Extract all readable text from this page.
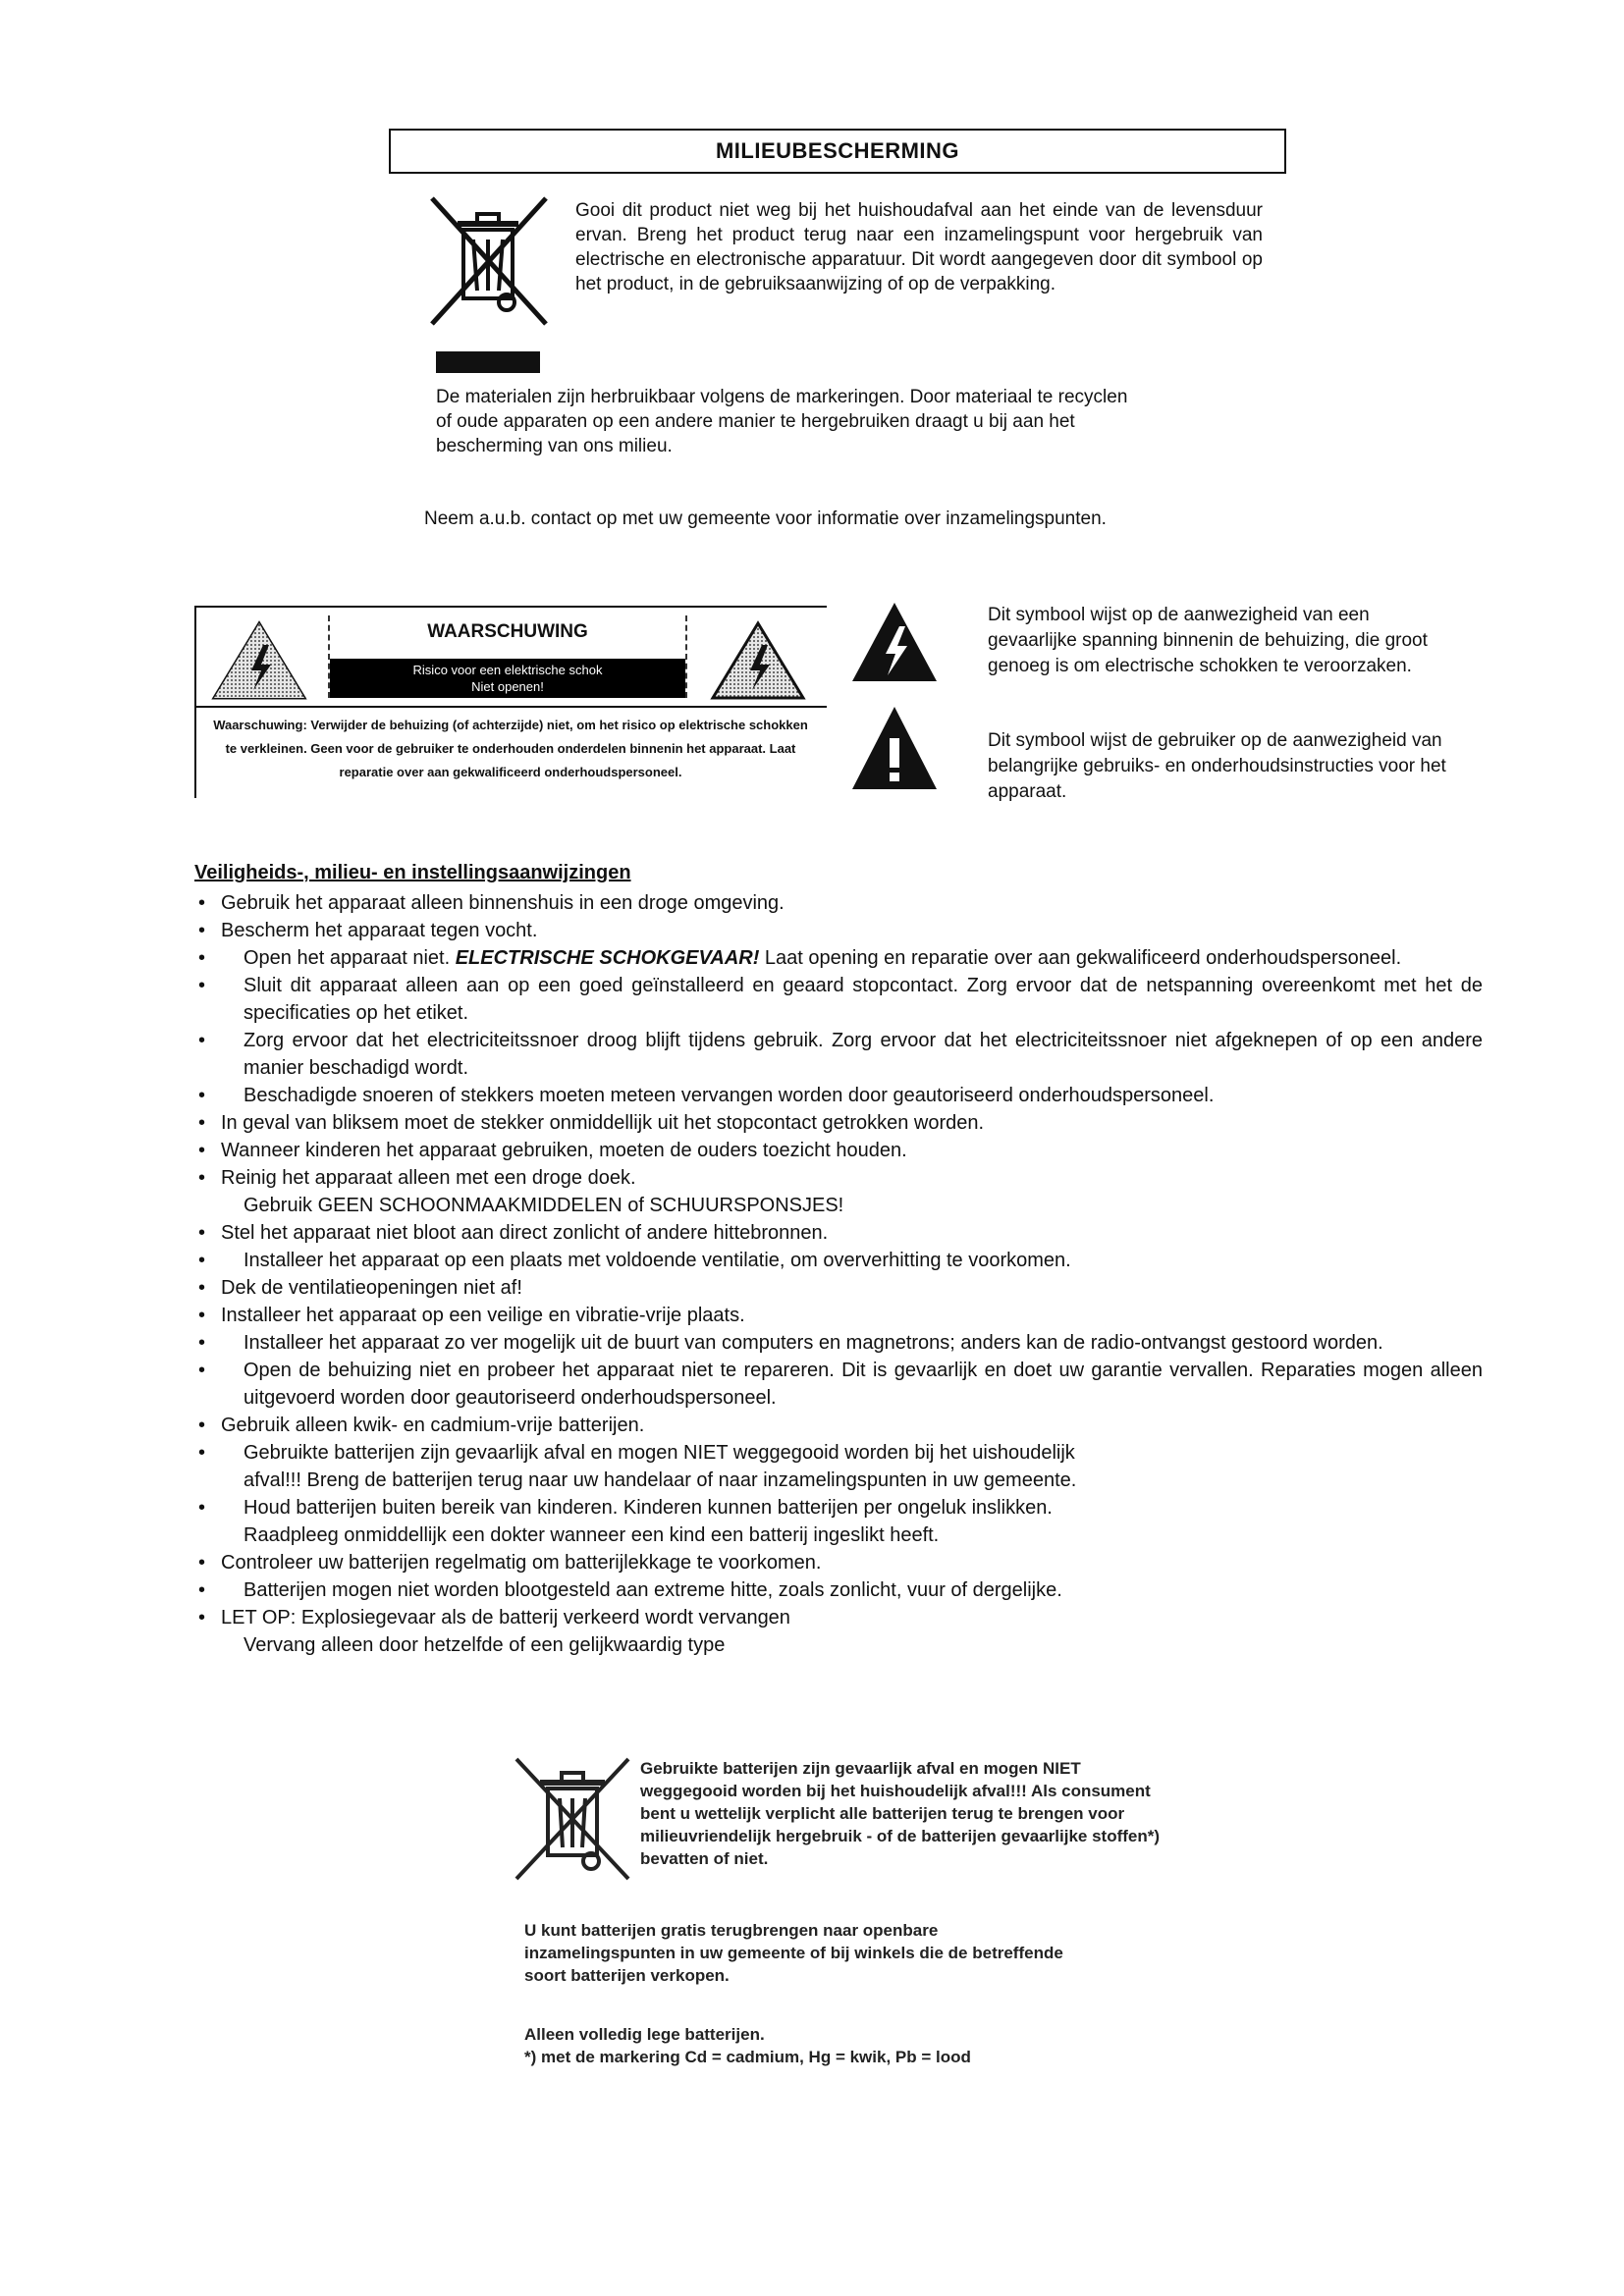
MILIEUBESCHERMING
Gooi dit product niet weg bij het huishoudafval aan het einde van de levensduur ervan. Breng het product terug naar een inzamelingspunt voor hergebruik van electrische en electronische apparatuur. Dit wordt aangegeven door dit symbool op het product, in de gebruiksaanwijzing of op de verpakking.
De materialen zijn herbruikbaar volgens de markeringen. Door materiaal te recyclen of oude apparaten op een andere manier te hergebruiken draagt u bij aan het bescherming van ons milieu.
Neem a.u.b. contact op met uw gemeente voor informatie over inzamelingspunten.
WAARSCHUWING
Risico voor een elektrische schok
Niet openen!
Waarschuwing: Verwijder de behuizing (of achterzijde) niet, om het risico op elektrische schokken te verkleinen. Geen voor de gebruiker te onderhouden onderdelen binnenin het apparaat. Laat reparatie over aan gekwalificeerd onderhoudspersoneel.
Dit symbool wijst op de aanwezigheid van een gevaarlijke spanning binnenin de behuizing, die groot genoeg is om electrische schokken te veroorzaken.
Dit symbool wijst de gebruiker op de aanwezigheid van belangrijke gebruiks- en onderhoudsinstructies voor het apparaat.
Veiligheids-, milieu- en instellingsaanwijzingen
• Gebruik het apparaat alleen binnenshuis in een droge omgeving.
• Bescherm het apparaat tegen vocht.
•	Open het apparaat niet. ELECTRISCHE SCHOKGEVAAR! Laat opening en reparatie over aan gekwalificeerd onderhoudspersoneel.
•	Sluit dit apparaat alleen aan op een goed geïnstalleerd en geaard stopcontact. Zorg ervoor dat de netspanning overeenkomt met het de specificaties op het etiket.
•	Zorg ervoor dat het electriciteitssnoer droog blijft tijdens gebruik. Zorg ervoor dat het electriciteitssnoer niet afgeknepen of op een andere manier beschadigd wordt.
•	Beschadigde snoeren of stekkers moeten meteen vervangen worden door geautoriseerd onderhoudspersoneel.
• In geval van bliksem moet de stekker onmiddellijk uit het stopcontact getrokken worden.
• Wanneer kinderen het apparaat gebruiken, moeten de ouders toezicht houden.
• Reinig het apparaat alleen met een droge doek.
Gebruik GEEN SCHOONMAAKMIDDELEN of SCHUURSPONSJES!
• Stel het apparaat niet bloot aan direct zonlicht of andere hittebronnen.
•	Installeer het apparaat op een plaats met voldoende ventilatie, om oververhitting te voorkomen.
• Dek de ventilatieopeningen niet af!
• Installeer het apparaat op een veilige en vibratie-vrije plaats.
•	Installeer het apparaat zo ver mogelijk uit de buurt van computers en magnetrons; anders kan de radio-ontvangst gestoord worden.
•	Open de behuizing niet en probeer het apparaat niet te repareren. Dit is gevaarlijk en doet uw garantie vervallen. Reparaties mogen alleen uitgevoerd worden door geautoriseerd onderhoudspersoneel.
• Gebruik alleen kwik- en cadmium-vrije batterijen.
•	Gebruikte batterijen zijn gevaarlijk afval en mogen NIET weggegooid worden bij het uishoudelijk
afval!!! Breng de batterijen terug naar uw handelaar of naar inzamelingspunten in uw gemeente.
•	Houd batterijen buiten bereik van kinderen. Kinderen kunnen batterijen per ongeluk inslikken.
Raadpleeg onmiddellijk een dokter wanneer een kind een batterij ingeslikt heeft.
• Controleer uw batterijen regelmatig om batterijlekkage te voorkomen.
•	Batterijen mogen niet worden blootgesteld aan extreme hitte, zoals zonlicht, vuur of dergelijke.
• LET OP: Explosiegevaar als de batterij verkeerd wordt vervangen
Vervang alleen door hetzelfde of een gelijkwaardig type
Gebruikte batterijen zijn gevaarlijk afval en mogen NIET weggegooid worden bij het huishoudelijk afval!!! Als consument bent u wettelijk verplicht alle batterijen terug te brengen voor milieuvriendelijk hergebruik - of de batterijen gevaarlijke stoffen*) bevatten of niet.
U kunt batterijen gratis terugbrengen naar openbare inzamelingspunten in uw gemeente of bij winkels die de betreffende soort batterijen verkopen.
Alleen volledig lege batterijen.
*) met de markering Cd = cadmium, Hg = kwik, Pb = lood
